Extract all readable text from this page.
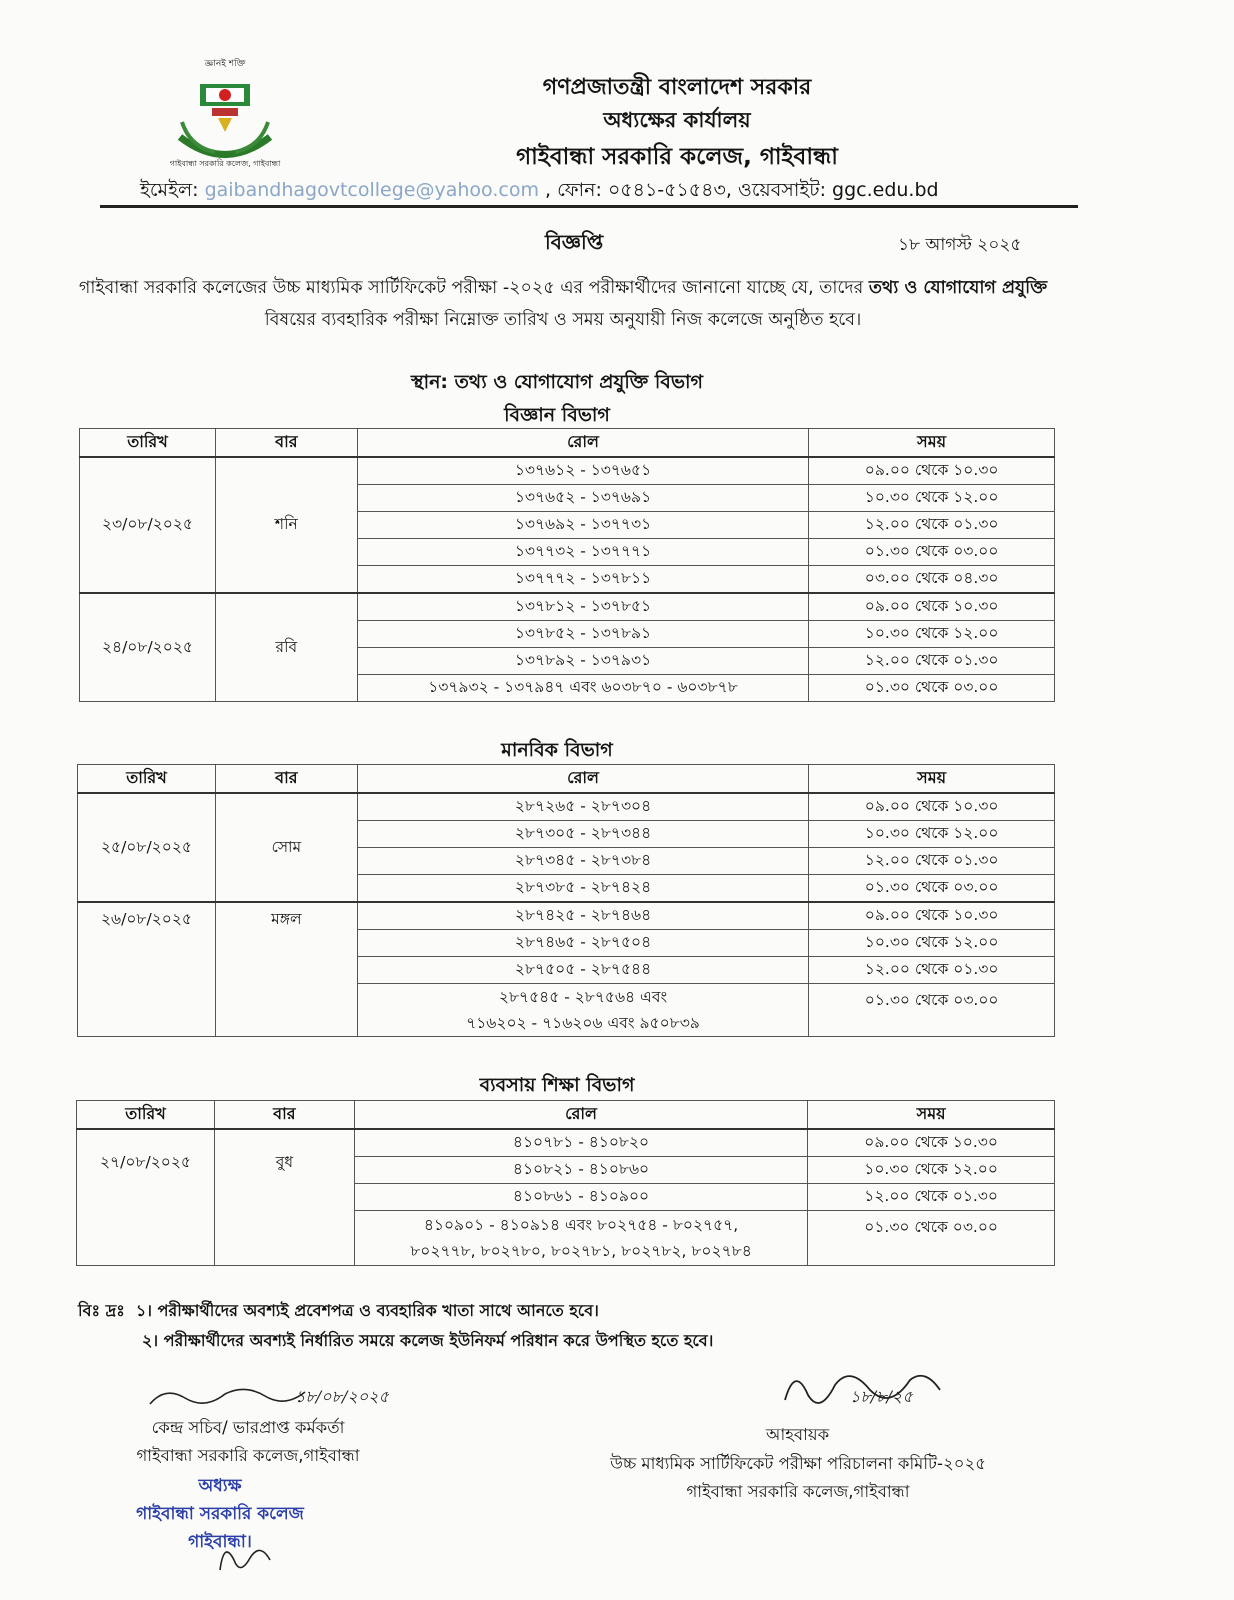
জ্ঞানই শক্তি
গাইবান্ধা সরকারি কলেজ, গাইবান্ধা
গণপ্রজাতন্ত্রী বাংলাদেশ সরকার
অধ্যক্ষের কার্যালয়
গাইবান্ধা সরকারি কলেজ, গাইবান্ধা
ইমেইল: gaibandhagovtcollege@yahoo.com , ফোন: ০৫৪১-৫১৫৪৩, ওয়েবসাইট: ggc.edu.bd
বিজ্ঞপ্তি	১৮ আগস্ট ২০২৫
গাইবান্ধা সরকারি কলেজের উচ্চ মাধ্যমিক সার্টিফিকেট পরীক্ষা -২০২৫ এর পরীক্ষার্থীদের জানানো যাচ্ছে যে, তাদের তথ্য ও যোগাযোগ প্রযুক্তি বিষয়ের ব্যবহারিক পরীক্ষা নিম্নোক্ত তারিখ ও সময় অনুযায়ী নিজ কলেজে অনুষ্ঠিত হবে।
স্থান: তথ্য ও যোগাযোগ প্রযুক্তি বিভাগ
বিজ্ঞান বিভাগ
তারিখ	বার	রোল	সময়
২৩/০৮/২০২৫	শনি	১৩৭৬১২ - ১৩৭৬৫১	০৯.০০ থেকে ১০.৩০
		১৩৭৬৫২ - ১৩৭৬৯১	১০.৩০ থেকে ১২.০০
		১৩৭৬৯২ - ১৩৭৭৩১	১২.০০ থেকে ০১.৩০
		১৩৭৭৩২ - ১৩৭৭৭১	০১.৩০ থেকে ০৩.০০
		১৩৭৭৭২ - ১৩৭৮১১	০৩.০০ থেকে ০৪.৩০
২৪/০৮/২০২৫	রবি	১৩৭৮১২ - ১৩৭৮৫১	০৯.০০ থেকে ১০.৩০
		১৩৭৮৫২ - ১৩৭৮৯১	১০.৩০ থেকে ১২.০০
		১৩৭৮৯২ - ১৩৭৯৩১	১২.০০ থেকে ০১.৩০
		১৩৭৯৩২ - ১৩৭৯৪৭ এবং ৬০৩৮৭০ - ৬০৩৮৭৮	০১.৩০ থেকে ০৩.০০
মানবিক বিভাগ
তারিখ	বার	রোল	সময়
২৫/০৮/২০২৫	সোম	২৮৭২৬৫ - ২৮৭৩০৪	০৯.০০ থেকে ১০.৩০
		২৮৭৩০৫ - ২৮৭৩৪৪	১০.৩০ থেকে ১২.০০
		২৮৭৩৪৫ - ২৮৭৩৮৪	১২.০০ থেকে ০১.৩০
		২৮৭৩৮৫ - ২৮৭৪২৪	০১.৩০ থেকে ০৩.০০
২৬/০৮/২০২৫	মঙ্গল	২৮৭৪২৫ - ২৮৭৪৬৪	০৯.০০ থেকে ১০.৩০
		২৮৭৪৬৫ - ২৮৭৫০৪	১০.৩০ থেকে ১২.০০
		২৮৭৫০৫ - ২৮৭৫৪৪	১২.০০ থেকে ০১.৩০

		২৮৭৫৪৫ - ২৮৭৫৬৪ এবং
৭১৬২০২ - ৭১৬২০৬ এবং ৯৫০৮৩৯	০১.৩০ থেকে ০৩.০০
ব্যবসায় শিক্ষা বিভাগ
তারিখ	বার	রোল	সময়
২৭/০৮/২০২৫	বুধ	৪১০৭৮১ - ৪১০৮২০	০৯.০০ থেকে ১০.৩০
		৪১০৮২১ - ৪১০৮৬০	১০.৩০ থেকে ১২.০০
		৪১০৮৬১ - ৪১০৯০০	১২.০০ থেকে ০১.৩০

		৪১০৯০১ - ৪১০৯১৪ এবং ৮০২৭৫৪ - ৮০২৭৫৭,
৮০২৭৭৮, ৮০২৭৮০, ৮০২৭৮১, ৮০২৭৮২, ৮০২৭৮৪	০১.৩০ থেকে ০৩.০০
বিঃ দ্রঃ ১। পরীক্ষার্থীদের অবশ্যই প্রবেশপত্র ও ব্যবহারিক খাতা সাথে আনতে হবে।
২। পরীক্ষার্থীদের অবশ্যই নির্ধারিত সময়ে কলেজ ইউনিফর্ম পরিধান করে উপস্থিত হতে হবে।
১৮/০৮/২০২৫
কেন্দ্র সচিব/ ভারপ্রাপ্ত কর্মকর্তা
গাইবান্ধা সরকারি কলেজ,গাইবান্ধা
অধ্যক্ষ
গাইবান্ধা সরকারি কলেজ
গাইবান্ধা।
১৮/৮/২৫
আহবায়ক
উচ্চ মাধ্যমিক সার্টিফিকেট পরীক্ষা পরিচালনা কমিটি-২০২৫
গাইবান্ধা সরকারি কলেজ,গাইবান্ধা
